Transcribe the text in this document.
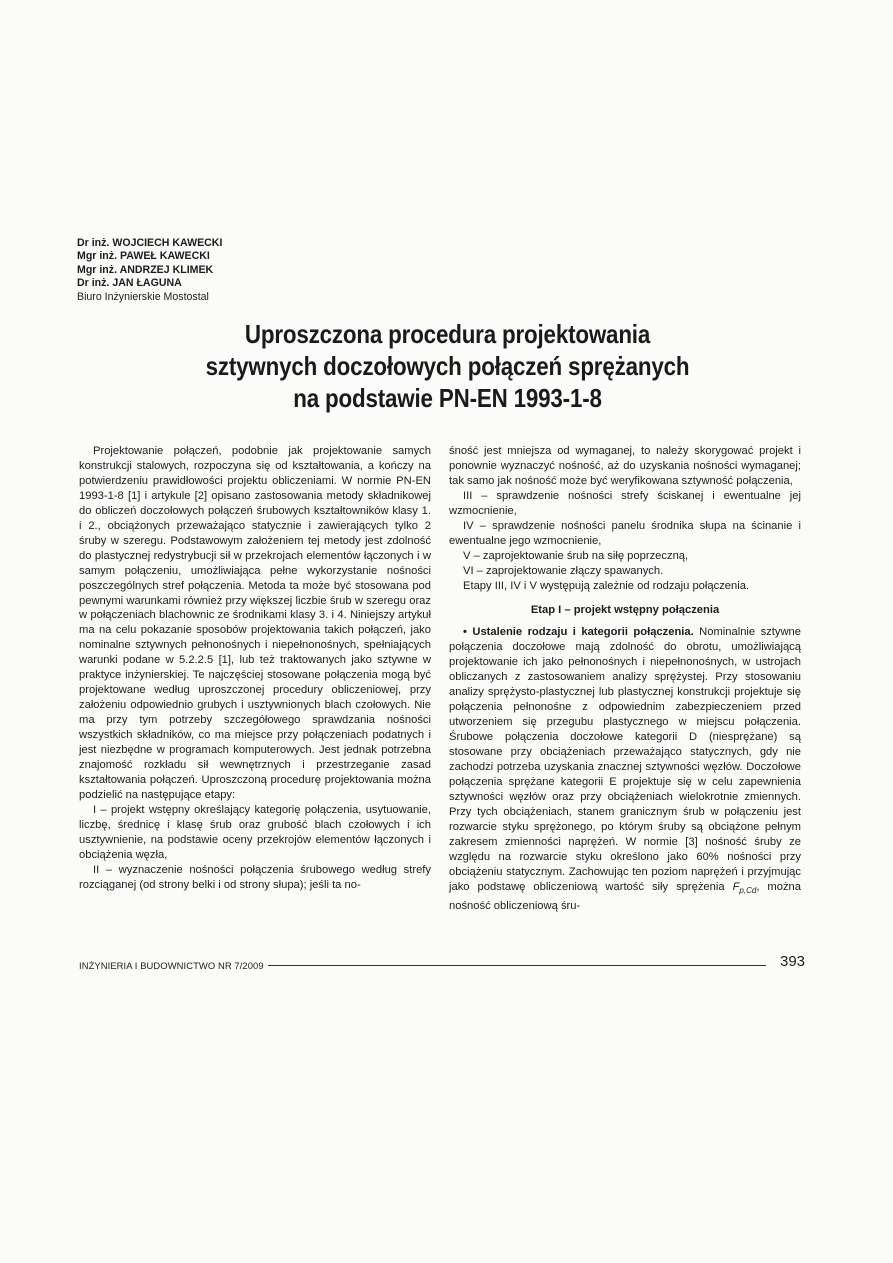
Dr inż. WOJCIECH KAWECKI
Mgr inż. PAWEŁ KAWECKI
Mgr inż. ANDRZEJ KLIMEK
Dr inż. JAN ŁAGUNA
Biuro Inżynierskie Mostostal
Uproszczona procedura projektowania
sztywnych doczołowych połączeń sprężanych
na podstawie PN-EN 1993-1-8

Projektowanie połączeń, podobnie jak projektowanie samych konstrukcji stalowych, rozpoczyna się od kształtowania, a kończy na potwierdzeniu prawidłowości projektu obliczeniami. W normie PN-EN 1993-1-8 [1] i artykule [2] opisano zastosowania metody składnikowej do obliczeń doczołowych połączeń śrubowych kształtowników klasy 1. i 2., obciążonych przeważająco statycznie i zawierających tylko 2 śruby w szeregu. Podstawowym założeniem tej metody jest zdolność do plastycznej redystrybucji sił w przekrojach elementów łączonych i w samym połączeniu, umożliwiająca pełne wykorzystanie nośności poszczególnych stref połączenia. Metoda ta może być stosowana pod pewnymi warunkami również przy większej liczbie śrub w szeregu oraz w połączeniach blachownic ze środnikami klasy 3. i 4. Niniejszy artykuł ma na celu pokazanie sposobów projektowania takich połączeń, jako nominalne sztywnych pełnonośnych i niepełnonośnych, spełniających warunki podane w 5.2.2.5 [1], lub też traktowanych jako sztywne w praktyce inżynierskiej. Te najczęściej stosowane połączenia mogą być projektowane według uproszczonej procedury obliczeniowej, przy założeniu odpowiednio grubych i usztywnionych blach czołowych. Nie ma przy tym potrzeby szczegółowego sprawdzania nośności wszystkich składników, co ma miejsce przy połączeniach podatnych i jest niezbędne w programach komputerowych. Jest jednak potrzebna znajomość rozkładu sił wewnętrznych i przestrzeganie zasad kształtowania połączeń. Uproszczoną procedurę projektowania można podzielić na następujące etapy:

I – projekt wstępny określający kategorię połączenia, usytuowanie, liczbę, średnicę i klasę śrub oraz grubość blach czołowych i ich usztywnienie, na podstawie oceny przekrojów elementów łączonych i obciążenia węzła,

II – wyznaczenie nośności połączenia śrubowego według strefy rozciąganej (od strony belki i od strony słupa); jeśli ta no-

śność jest mniejsza od wymaganej, to należy skorygować projekt i ponownie wyznaczyć nośność, aż do uzyskania nośności wymaganej; tak samo jak nośność może być weryfikowana sztywność połączenia,

III – sprawdzenie nośności strefy ściskanej i ewentualne jej wzmocnienie,

IV – sprawdzenie nośności panelu środnika słupa na ścinanie i ewentualne jego wzmocnienie,

V – zaprojektowanie śrub na siłę poprzeczną,

VI – zaprojektowanie złączy spawanych.

Etapy III, IV i V występują zależnie od rodzaju połączenia.

Etap I – projekt wstępny połączenia

• Ustalenie rodzaju i kategorii połączenia. Nominalnie sztywne połączenia doczołowe mają zdolność do obrotu, umożliwiającą projektowanie ich jako pełnonośnych i niepełnonośnych, w ustrojach obliczanych z zastosowaniem analizy sprężystej. Przy stosowaniu analizy sprężysto-plastycznej lub plastycznej konstrukcji projektuje się połączenia pełnonośne z odpowiednim zabezpieczeniem przed utworzeniem się przegubu plastycznego w miejscu połączenia. Śrubowe połączenia doczołowe kategorii D (niesprężane) są stosowane przy obciążeniach przeważająco statycznych, gdy nie zachodzi potrzeba uzyskania znacznej sztywności węzłów. Doczołowe połączenia sprężane kategorii E projektuje się w celu zapewnienia sztywności węzłów oraz przy obciążeniach wielokrotnie zmiennych. Przy tych obciążeniach, stanem granicznym śrub w połączeniu jest rozwarcie styku sprężonego, po którym śruby są obciążone pełnym zakresem zmienności naprężeń. W normie [3] nośność śruby ze względu na rozwarcie styku określono jako 60% nośności przy obciążeniu statycznym. Zachowując ten poziom naprężeń i przyjmując jako podstawę obliczeniową wartość siły sprężenia $F_{p,Cd}$, można nośność obliczeniową śru-

INŻYNIERIA I BUDOWNICTWO NR 7/2009	393
